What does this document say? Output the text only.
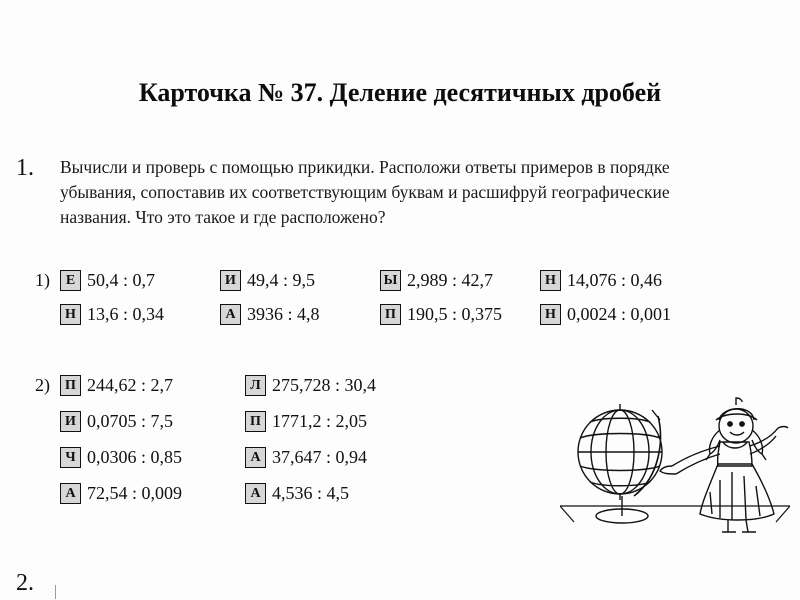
Карточка № 37. Деление десятичных дробей
1. Вычисли и проверь с помощью прикидки. Расположи ответы примеров в порядке убывания, сопоставив их соответствующим буквам и расшифруй географические названия. Что это такое и где расположено?
1)	Е 50,4 : 0,7	И 49,4 : 9,5	Ы 2,989 : 42,7	Н 14,076 : 0,46
Н 13,6 : 0,34	А 3936 : 4,8	П 190,5 : 0,375	Н 0,0024 : 0,001
2)	П 244,62 : 2,7	Л 275,728 : 30,4
И 0,0705 : 7,5	П 1771,2 : 2,05
Ч 0,0306 : 0,85	А 37,647 : 0,94
А 72,54 : 0,009	А 4,536 : 4,5
2.
